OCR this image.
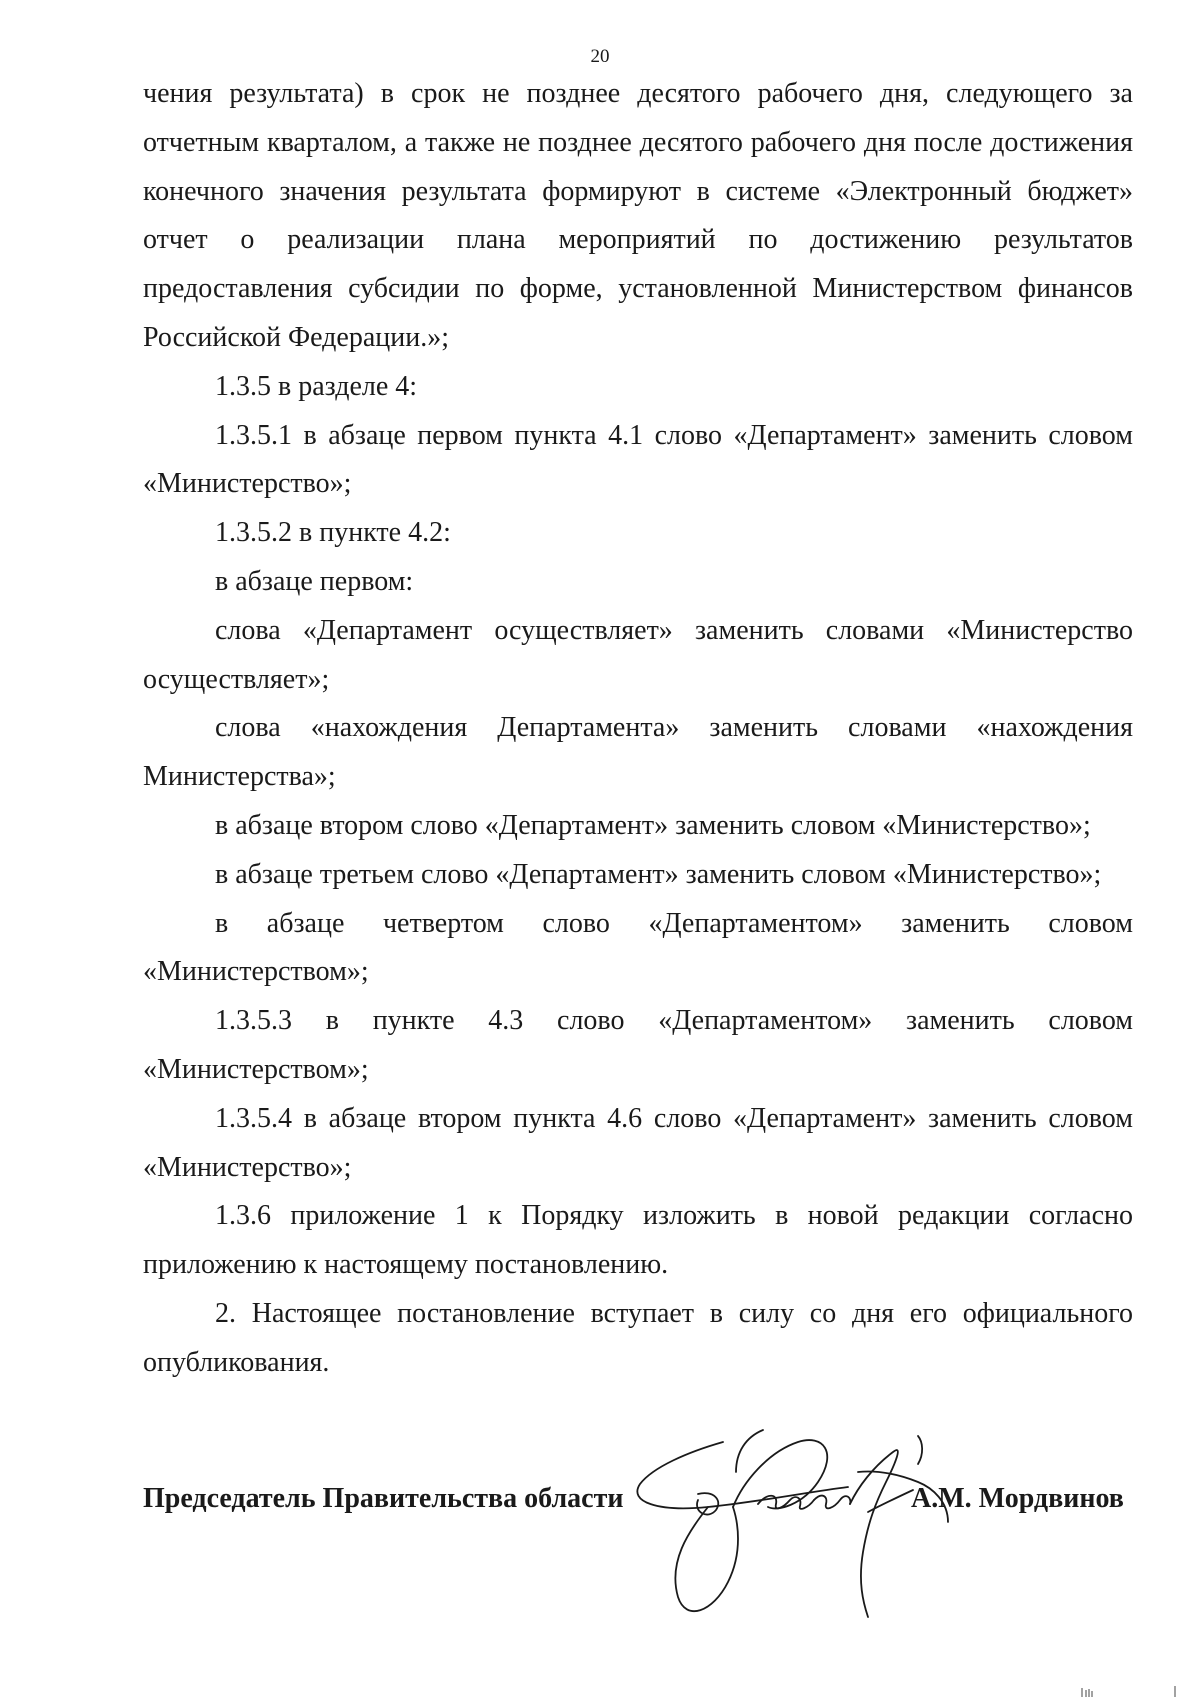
20

чения результата) в срок не позднее десятого рабочего дня, следующего за отчетным кварталом, а также не позднее десятого рабочего дня после достижения конечного значения результата формируют в системе «Электронный бюджет» отчет о реализации плана мероприятий по достижению результатов предоставления субсидии по форме, установленной Министерством финансов Российской Федерации.»;

1.3.5 в разделе 4:

1.3.5.1 в абзаце первом пункта 4.1 слово «Департамент» заменить словом «Министерство»;

1.3.5.2 в пункте 4.2:

в абзаце первом:

слова «Департамент осуществляет» заменить словами «Министерство осуществляет»;

слова «нахождения Департамента» заменить словами «нахождения Министерства»;

в абзаце втором слово «Департамент» заменить словом «Министерство»;

в абзаце третьем слово «Департамент» заменить словом «Министерство»;

в абзаце четвертом слово «Департаментом» заменить словом «Министерством»;

1.3.5.3 в пункте 4.3 слово «Департаментом» заменить словом «Министерством»;

1.3.5.4 в абзаце втором пункта 4.6 слово «Департамент» заменить словом «Министерство»;

1.3.6 приложение 1 к Порядку изложить в новой редакции согласно приложению к настоящему постановлению.

2. Настоящее постановление вступает в силу со дня его официального опубликования.

Председатель Правительства области	А.М. Мордвинов
